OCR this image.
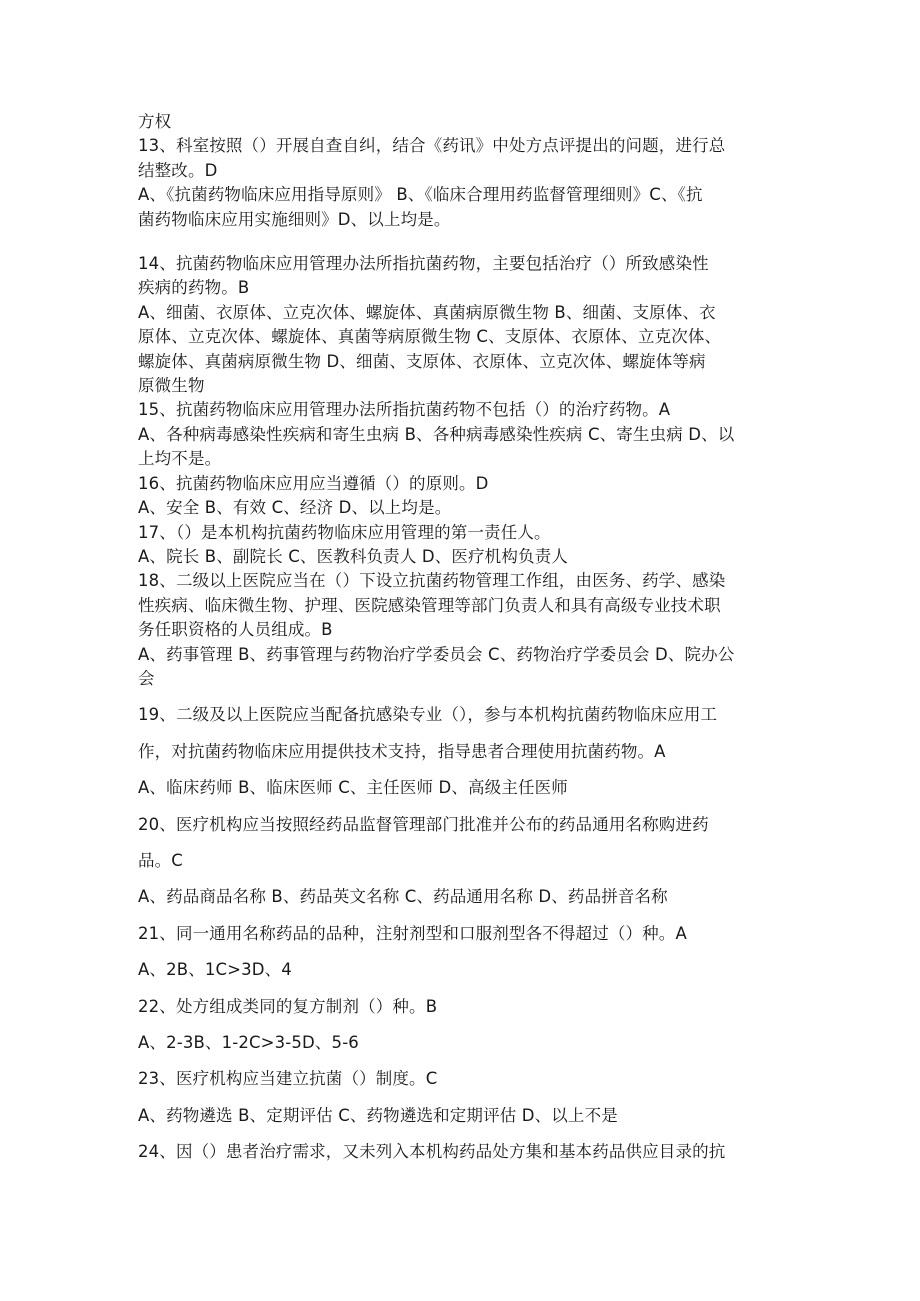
方权
13、科室按照（）开展自查自纠，结合《药讯》中处方点评提出的问题，进行总
结整改。D
A、《抗菌药物临床应用指导原则》 B、《临床合理用药监督管理细则》C、《抗
菌药物临床应用实施细则》D、以上均是。
14、抗菌药物临床应用管理办法所指抗菌药物，主要包括治疗（）所致感染性
疾病的药物。B
A、细菌、衣原体、立克次体、螺旋体、真菌病原微生物 B、细菌、支原体、衣
原体、立克次体、螺旋体、真菌等病原微生物 C、支原体、衣原体、立克次体、
螺旋体、真菌病原微生物 D、细菌、支原体、衣原体、立克次体、螺旋体等病
原微生物
15、抗菌药物临床应用管理办法所指抗菌药物不包括（）的治疗药物。A
A、各种病毒感染性疾病和寄生虫病 B、各种病毒感染性疾病 C、寄生虫病 D、以
上均不是。
16、抗菌药物临床应用应当遵循（）的原则。D
A、安全 B、有效 C、经济 D、以上均是。
17、（）是本机构抗菌药物临床应用管理的第一责任人。
A、院长 B、副院长 C、医教科负责人 D、医疗机构负责人
18、二级以上医院应当在（）下设立抗菌药物管理工作组，由医务、药学、感染
性疾病、临床微生物、护理、医院感染管理等部门负责人和具有高级专业技术职
务任职资格的人员组成。B
A、药事管理 B、药事管理与药物治疗学委员会 C、药物治疗学委员会 D、院办公
会
19、二级及以上医院应当配备抗感染专业（），参与本机构抗菌药物临床应用工
作，对抗菌药物临床应用提供技术支持，指导患者合理使用抗菌药物。A
A、临床药师 B、临床医师 C、主任医师 D、高级主任医师
20、医疗机构应当按照经药品监督管理部门批准并公布的药品通用名称购进药
品。C
A、药品商品名称 B、药品英文名称 C、药品通用名称 D、药品拼音名称
21、同一通用名称药品的品种，注射剂型和口服剂型各不得超过（）种。A
A、2B、1C>3D、4
22、处方组成类同的复方制剂（）种。B
A、2-3B、1-2C>3-5D、5-6
23、医疗机构应当建立抗菌（）制度。C
A、药物遴选 B、定期评估 C、药物遴选和定期评估 D、以上不是
24、因（）患者治疗需求，又未列入本机构药品处方集和基本药品供应目录的抗
